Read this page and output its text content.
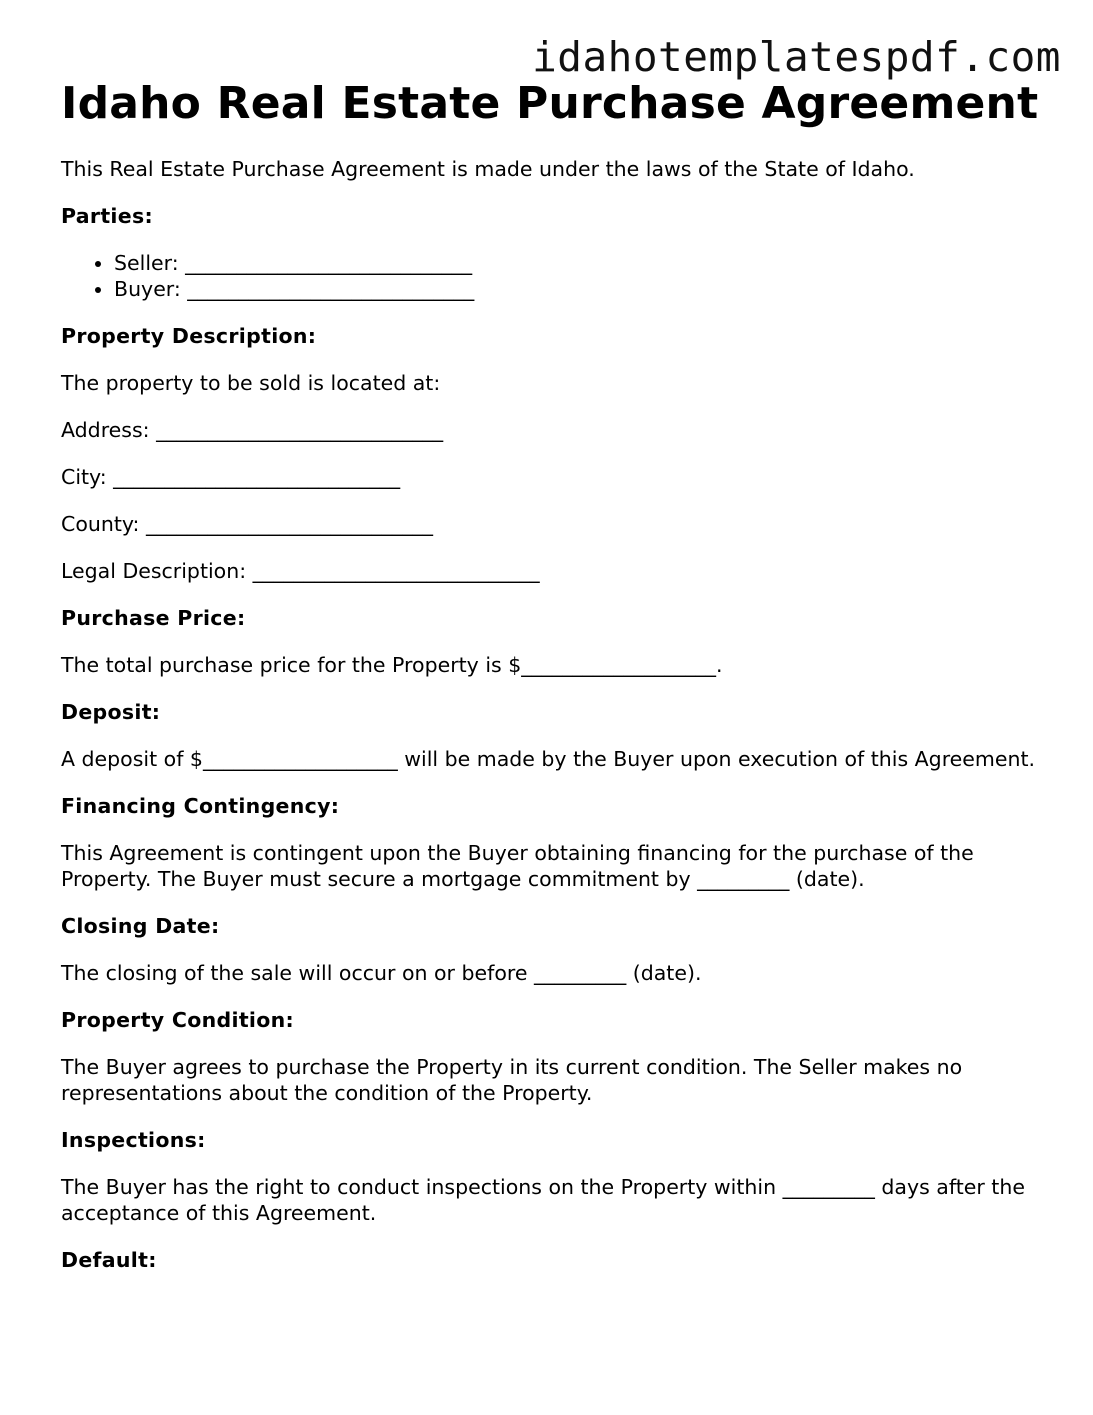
idahotemplatespdf.com
Idaho Real Estate Purchase Agreement

This Real Estate Purchase Agreement is made under the laws of the State of Idaho.

Parties:
• Seller: ____________________________
• Buyer: ____________________________
Property Description:

The property to be sold is located at:

Address: ____________________________

City: ____________________________

County: ____________________________

Legal Description: ____________________________

Purchase Price:

The total purchase price for the Property is $___________________.

Deposit:

A deposit of $___________________ will be made by the Buyer upon execution of this Agreement.

Financing Contingency:

This Agreement is contingent upon the Buyer obtaining financing for the purchase of the Property. The Buyer must secure a mortgage commitment by _________ (date).

Closing Date:

The closing of the sale will occur on or before _________ (date).

Property Condition:

The Buyer agrees to purchase the Property in its current condition. The Seller makes no representations about the condition of the Property.

Inspections:

The Buyer has the right to conduct inspections on the Property within _________ days after the acceptance of this Agreement.

Default:
